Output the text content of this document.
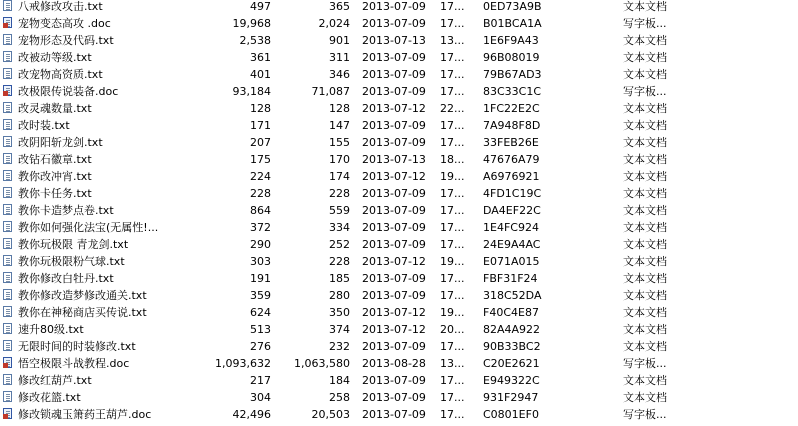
八戒修改攻击.txt	497	365 2013-07-09	17...	0ED73A9B	文本文档
宠物变态高攻 .doc	19,968	2,024 2013-07-09	17...	B01BCA1A	写字板...
宠物形态及代码.txt	2,538	901 2013-07-13	13...	1E6F9A43	文本文档
改被动等级.txt	361	311 2013-07-09	17...	96B08019	文本文档
改宠物高资质.txt	401	346 2013-07-09	17...	79B67AD3	文本文档
改极限传说装备.doc	93,184	71,087 2013-07-09	17...	83C33C1C	写字板...
改灵魂数量.txt	128	128 2013-07-12	22...	1FC22E2C	文本文档
改时装.txt	171	147 2013-07-09	17...	7A948F8D	文本文档
改阴阳斩龙剑.txt	207	155 2013-07-09	17...	33FEB26E	文本文档
改钻石徽章.txt	175	170 2013-07-13	18...	47676A79	文本文档
教你改冲宵.txt	224	174 2013-07-12	19...	A6976921	文本文档
教你卡任务.txt	228	228 2013-07-09	17...	4FD1C19C	文本文档
教你卡造梦点卷.txt	864	559 2013-07-09	17...	DA4EF22C	文本文档
教你如何强化法宝(无属性!...	372	334 2013-07-09	17...	1E4FC924	文本文档
教你玩极限 青龙剑.txt	290	252 2013-07-09	17...	24E9A4AC	文本文档
教你玩极限粉气球.txt	303	228 2013-07-12	19...	E071A015	文本文档
教你修改白牡丹.txt	191	185 2013-07-09	17...	FBF31F24	文本文档
教你修改造梦修改通关.txt	359	280 2013-07-09	17...	318C52DA	文本文档
教你在神秘商店买传说.txt	624	350 2013-07-12	19...	F40C4E87	文本文档
速升80级.txt	513	374 2013-07-12	20...	82A4A922	文本文档
无限时间的时装修改.txt	276	232 2013-07-09	17...	90B33BC2	文本文档
悟空极限斗战教程.doc	1,093,632	1,063,580 2013-08-28	13...	C20E2621	写字板...
修改红葫芦.txt	217	184 2013-07-09	17...	E949322C	文本文档
修改花篮.txt	304	258 2013-07-09	17...	931F2947	文本文档
修改锁魂玉箫药王葫芦.doc	42,496	20,503 2013-07-09	17...	C0801EF0	写字板...
